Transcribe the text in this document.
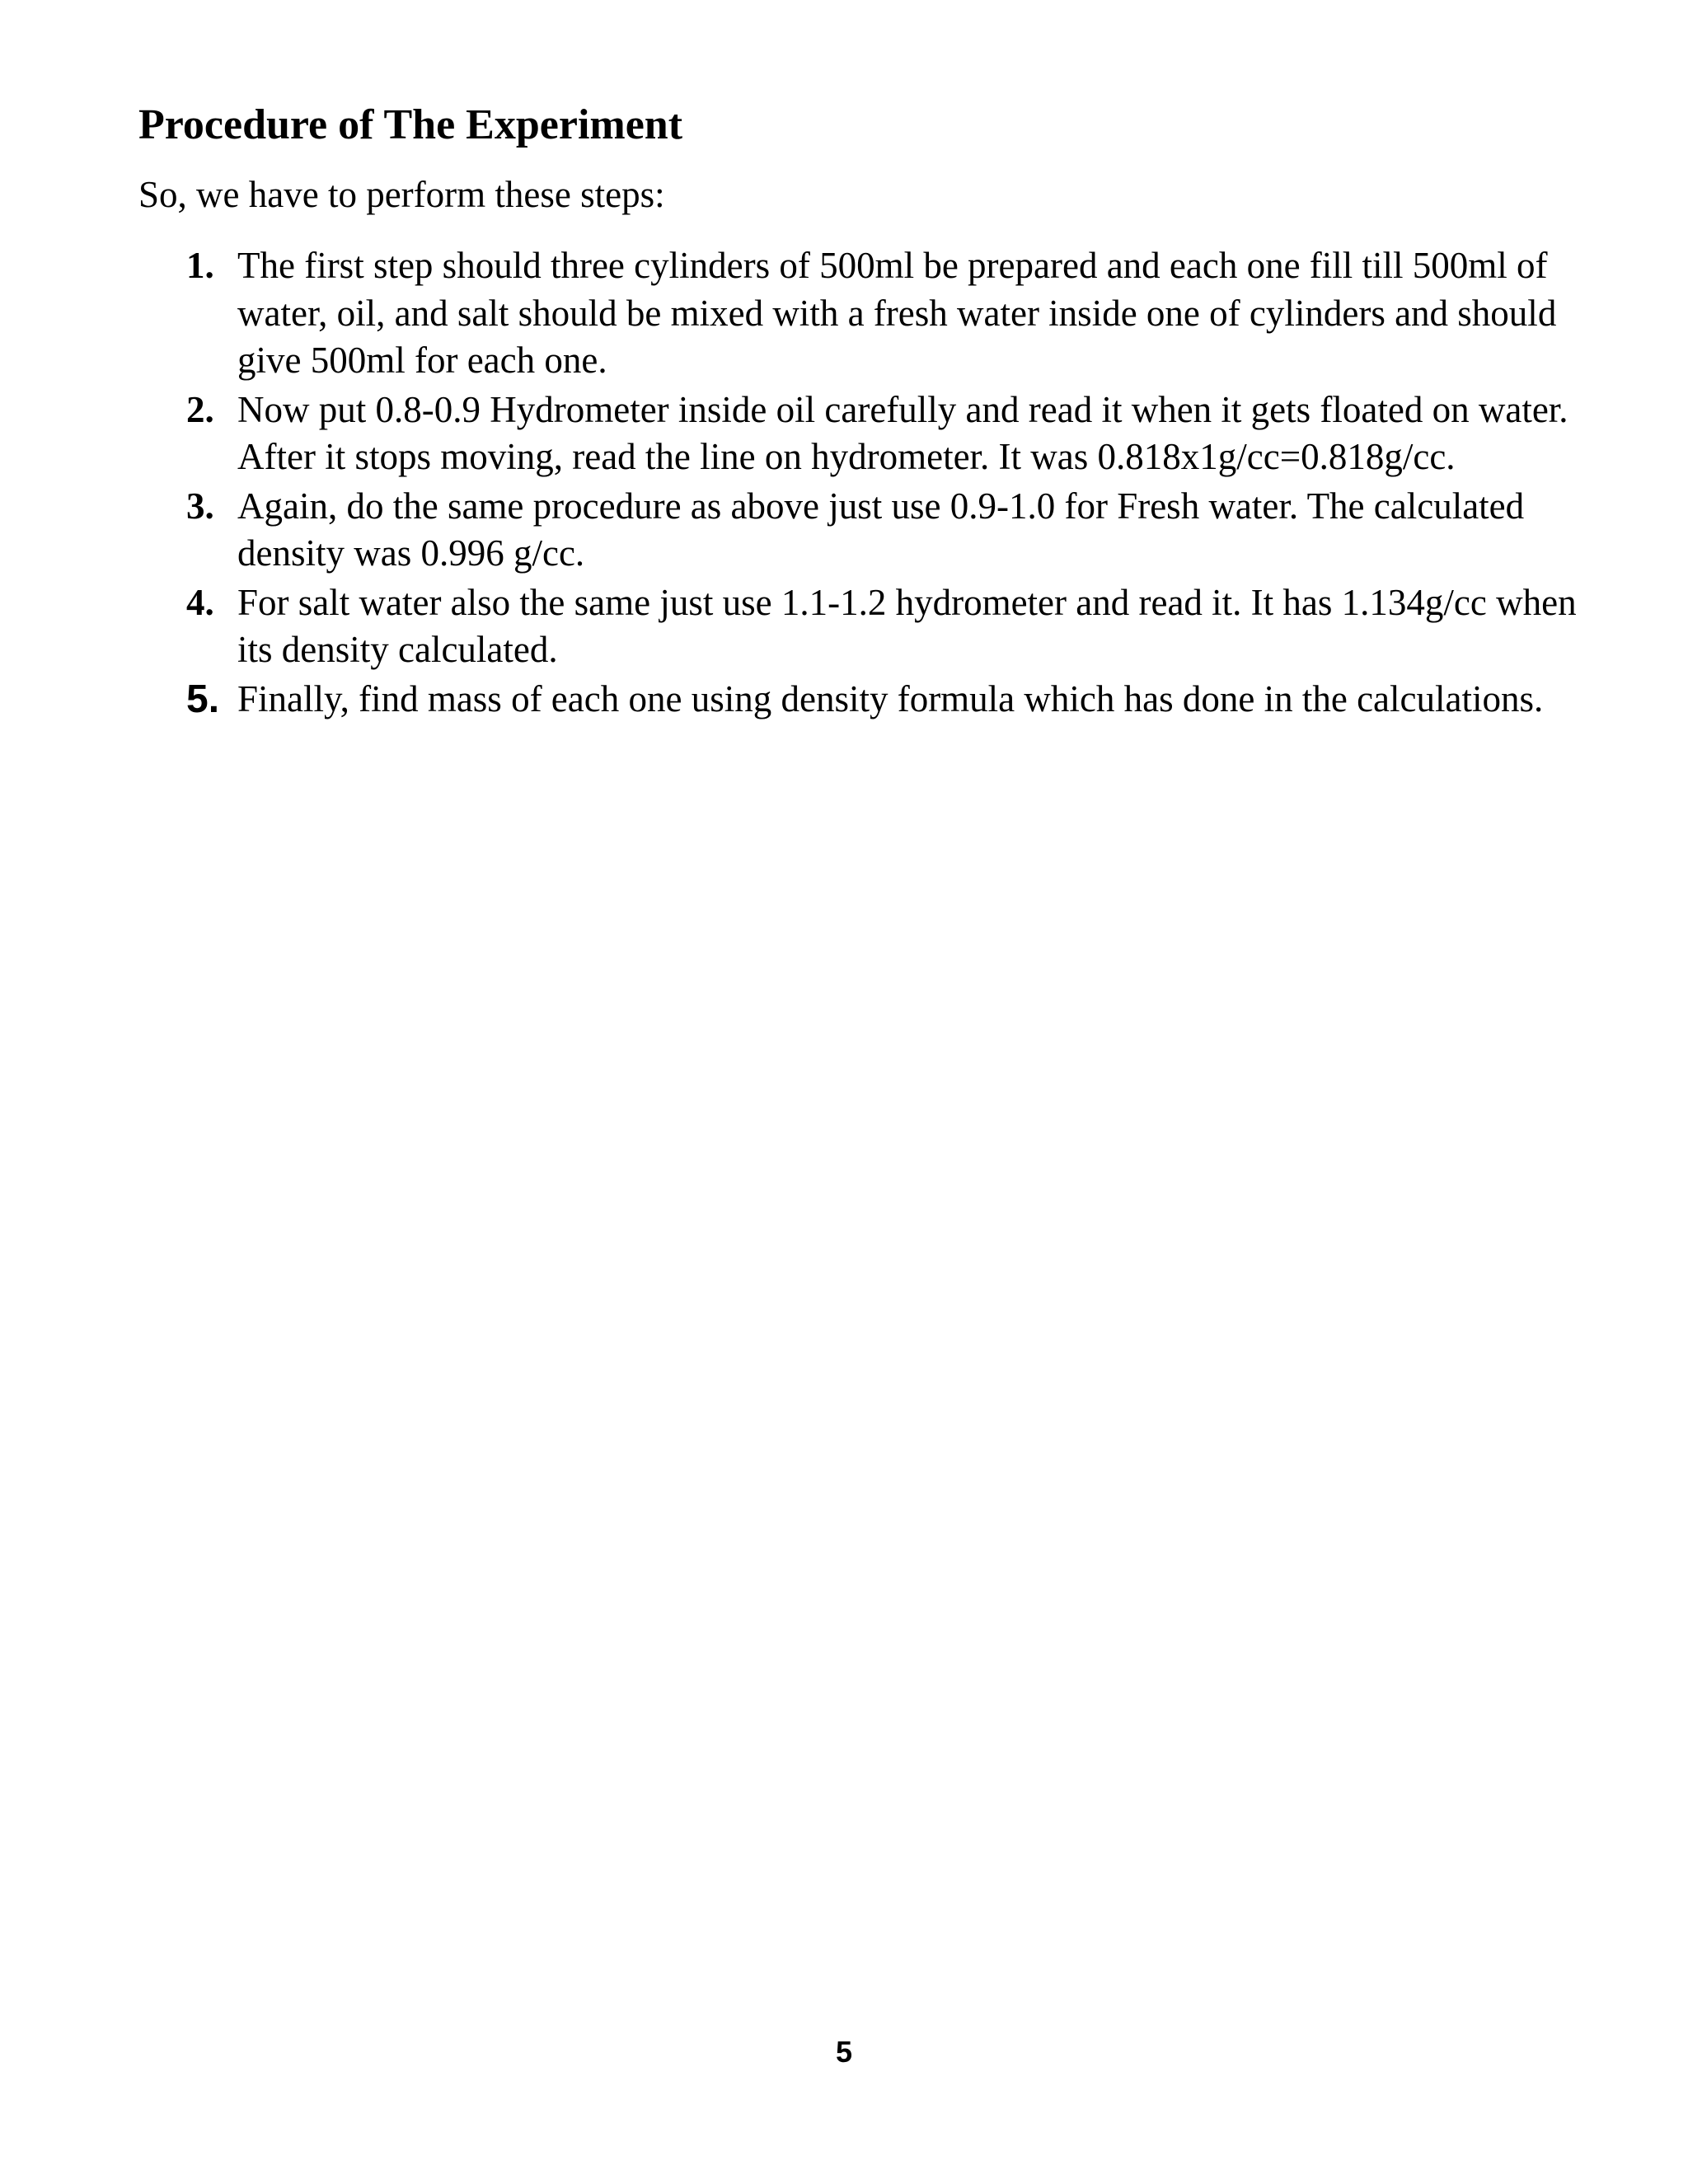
Procedure of The Experiment

So, we have to perform these steps:

1. The first step should three cylinders of 500ml be prepared and each one fill till 500ml of water, oil, and salt should be mixed with a fresh water inside one of cylinders and should give 500ml for each one.
2. Now put 0.8-0.9 Hydrometer inside oil carefully and read it when it gets floated on water. After it stops moving, read the line on hydrometer. It was 0.818x1g/cc=0.818g/cc.
3. Again, do the same procedure as above just use 0.9-1.0 for Fresh water. The calculated density was 0.996 g/cc.
4. For salt water also the same just use 1.1-1.2 hydrometer and read it. It has 1.134g/cc when its density calculated.
5. Finally, find mass of each one using density formula which has done in the calculations.
5
